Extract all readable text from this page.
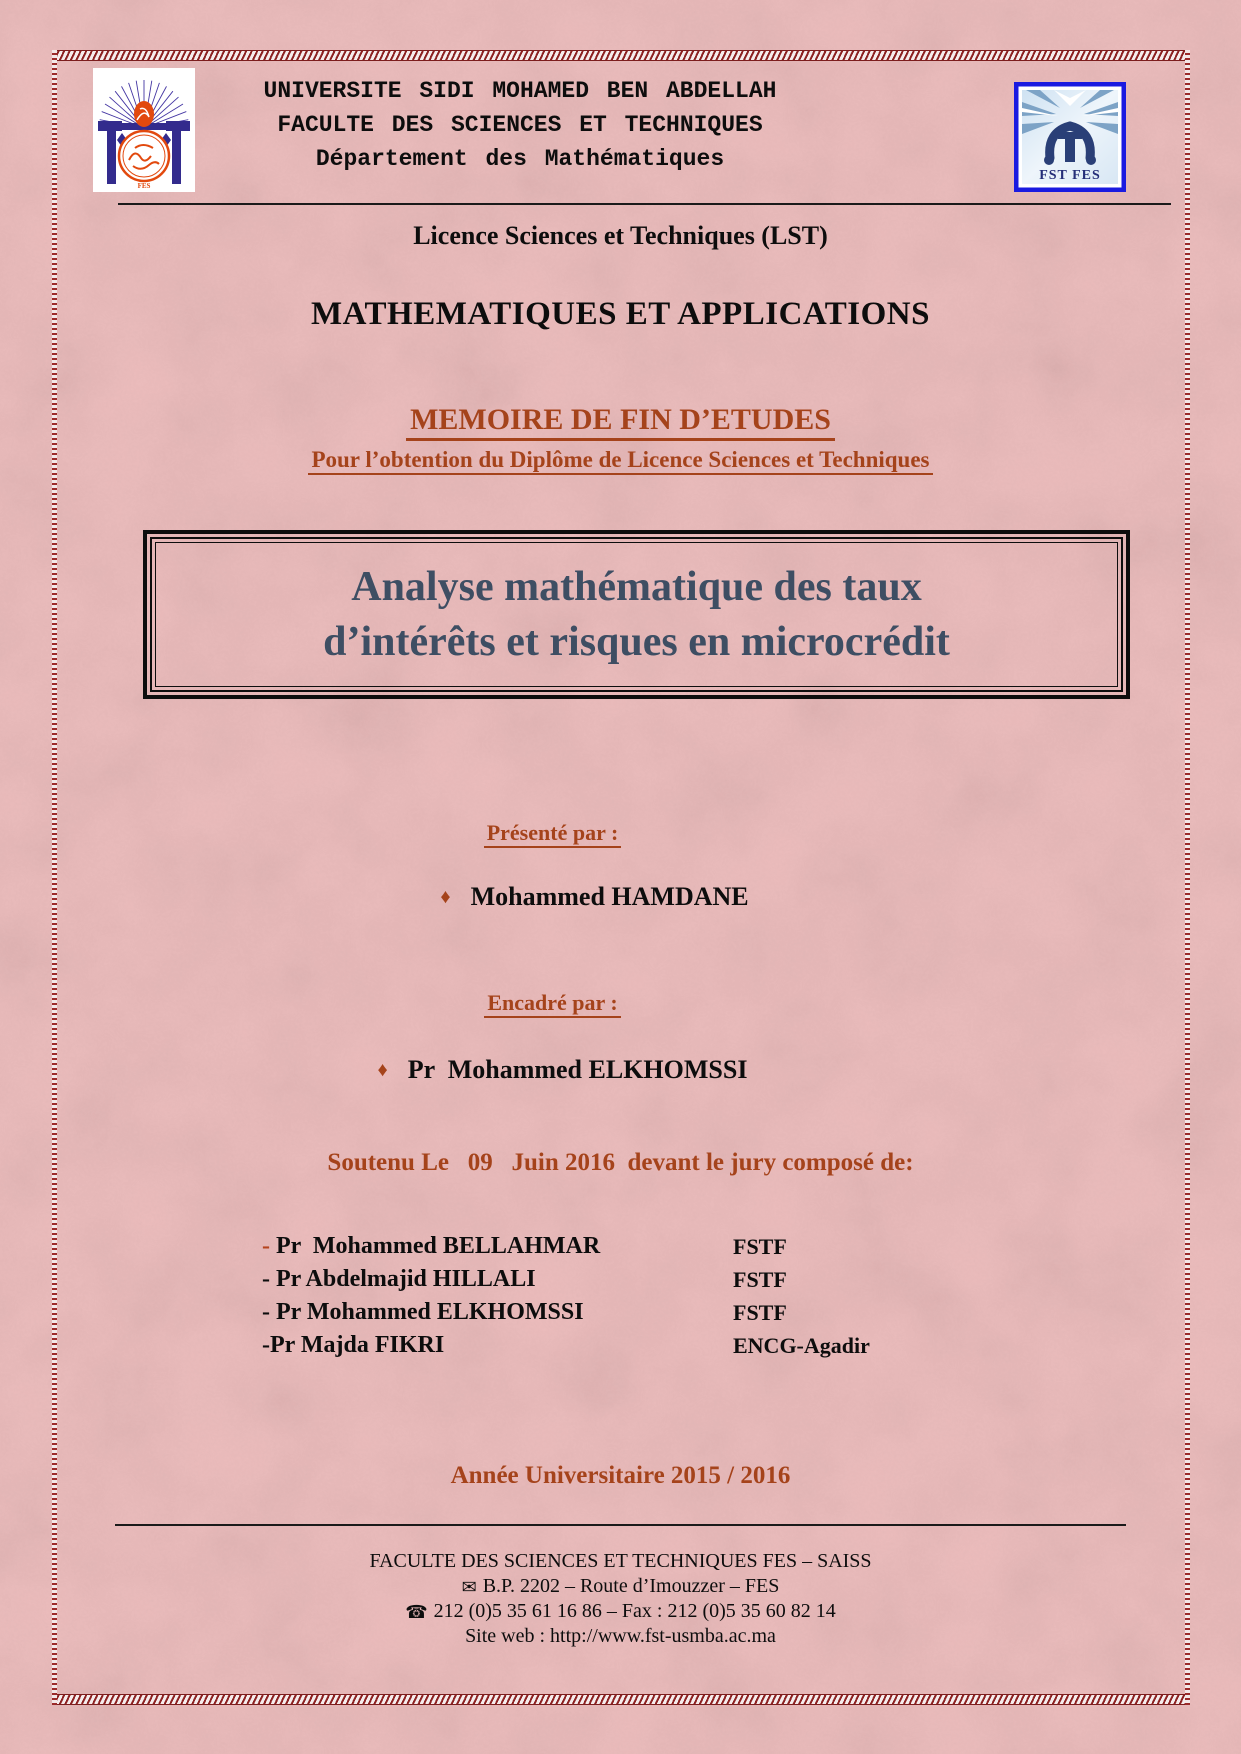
FES
UNIVERSITE SIDI MOHAMED BEN ABDELLAH
FACULTE DES SCIENCES ET TECHNIQUES
Département des Mathématiques
FST FES
Licence Sciences et Techniques (LST)
MATHEMATIQUES ET APPLICATIONS
MEMOIRE DE FIN D’ETUDES
Pour l’obtention du Diplôme de Licence Sciences et Techniques
Analyse mathématique des taux
d’intérêts et risques en microcrédit
Présenté par :
♦ Mohammed HAMDANE
Encadré par :
♦ Pr  Mohammed ELKHOMSSI
Soutenu Le   09   Juin 2016  devant le jury composé de:
- Pr  Mohammed BELLAHMAR	FSTF
- Pr Abdelmajid HILLALI	FSTF
- Pr Mohammed ELKHOMSSI	FSTF
-Pr Majda FIKRI	ENCG-Agadir
Année Universitaire 2015 / 2016
FACULTE DES SCIENCES ET TECHNIQUES FES – SAISS
✉ B.P. 2202 – Route d’Imouzzer – FES
☎ 212 (0)5 35 61 16 86 – Fax : 212 (0)5 35 60 82 14
Site web : http://www.fst-usmba.ac.ma
